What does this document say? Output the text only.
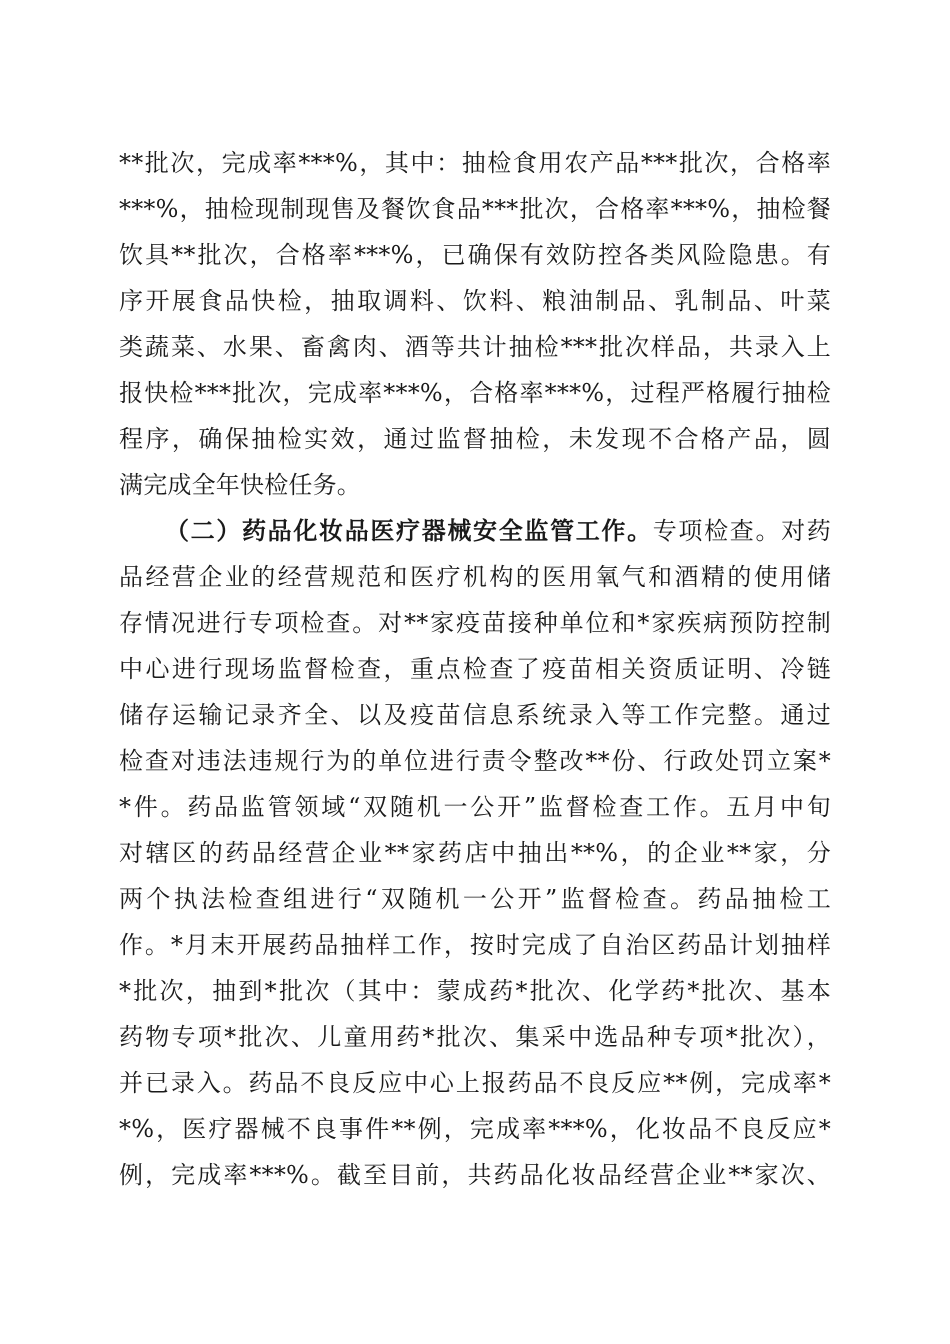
**批次，完成率***%，其中：抽检食用农产品***批次，合格率
***%，抽检现制现售及餐饮食品***批次，合格率***%，抽检餐
饮具**批次，合格率***%，已确保有效防控各类风险隐患。有
序开展食品快检，抽取调料、饮料、粮油制品、乳制品、叶菜
类蔬菜、水果、畜禽肉、酒等共计抽检***批次样品，共录入上
报快检***批次，完成率***%，合格率***%，过程严格履行抽检
程序，确保抽检实效，通过监督抽检，未发现不合格产品，圆
满完成全年快检任务。
（二）药品化妆品医疗器械安全监管工作。专项检查。对药
品经营企业的经营规范和医疗机构的医用氧气和酒精的使用储
存情况进行专项检查。对**家疫苗接种单位和*家疾病预防控制
中心进行现场监督检查，重点检查了疫苗相关资质证明、冷链
储存运输记录齐全、以及疫苗信息系统录入等工作完整。通过
检查对违法违规行为的单位进行责令整改**份、行政处罚立案*
*件。药品监管领域“双随机一公开”监督检查工作。五月中旬
对辖区的药品经营企业**家药店中抽出**%，的企业**家，分
两个执法检查组进行“双随机一公开”监督检查。药品抽检工
作。*月末开展药品抽样工作，按时完成了自治区药品计划抽样
*批次，抽到*批次（其中：蒙成药*批次、化学药*批次、基本
药物专项*批次、儿童用药*批次、集采中选品种专项*批次），
并已录入。药品不良反应中心上报药品不良反应**例，完成率*
*%，医疗器械不良事件**例，完成率***%，化妆品不良反应*
例，完成率***%。截至目前，共药品化妆品经营企业**家次、
